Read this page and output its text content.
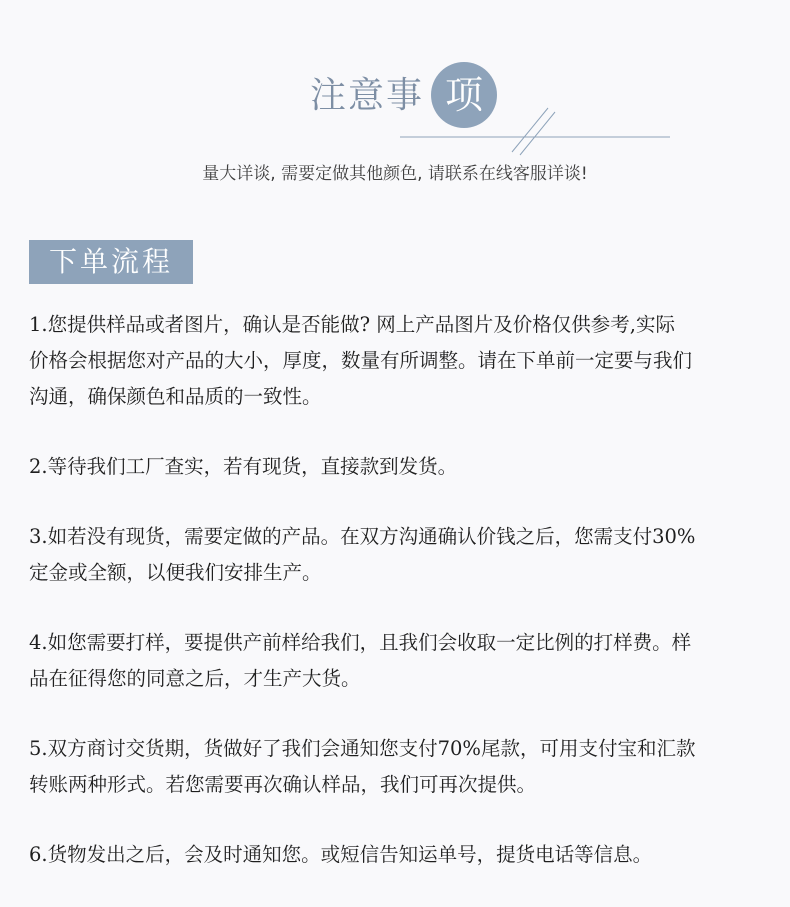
注意事 项
量大详谈, 需要定做其他颜色, 请联系在线客服详谈!
下单流程

1.您提供样品或者图片，确认是否能做? 网上产品图片及价格仅供参考,实际
价格会根据您对产品的大小，厚度，数量有所调整。请在下单前一定要与我们
沟通，确保颜色和品质的一致性。

2.等待我们工厂查实，若有现货，直接款到发货。

3.如若没有现货，需要定做的产品。在双方沟通确认价钱之后，您需支付30%
定金或全额，以便我们安排生产。

4.如您需要打样，要提供产前样给我们，且我们会收取一定比例的打样费。样
品在征得您的同意之后，才生产大货。

5.双方商讨交货期，货做好了我们会通知您支付70%尾款，可用支付宝和汇款
转账两种形式。若您需要再次确认样品，我们可再次提供。

6.货物发出之后，会及时通知您。或短信告知运单号，提货电话等信息。
